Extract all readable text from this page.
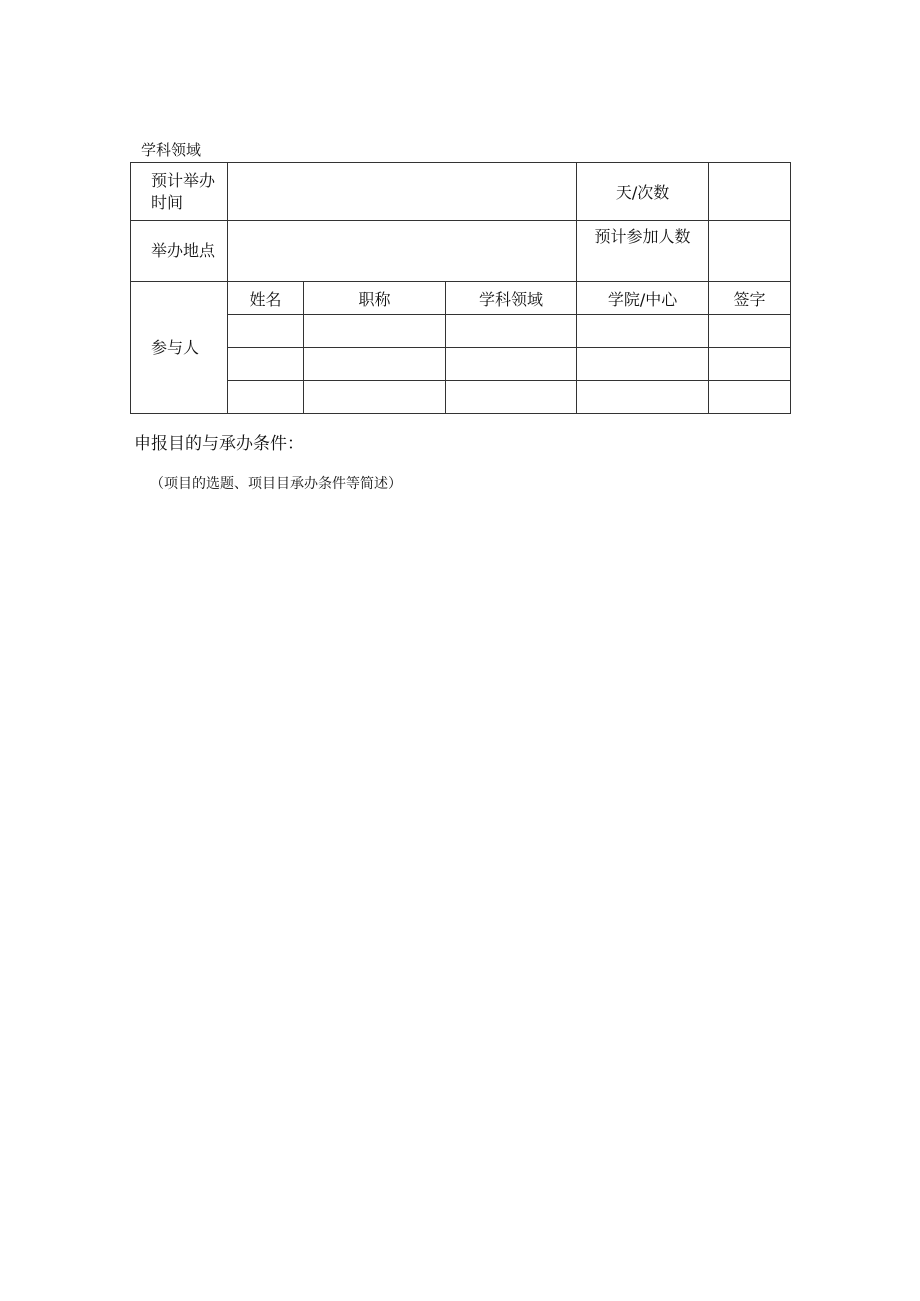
学科领域
预计举办时间				天/次数	
举办地点				预计参加人数	
参与人	姓名	职称	学科领域	学院/中心	签字

申报目的与承办条件：
（项目的选题、项目目承办条件等简述）
